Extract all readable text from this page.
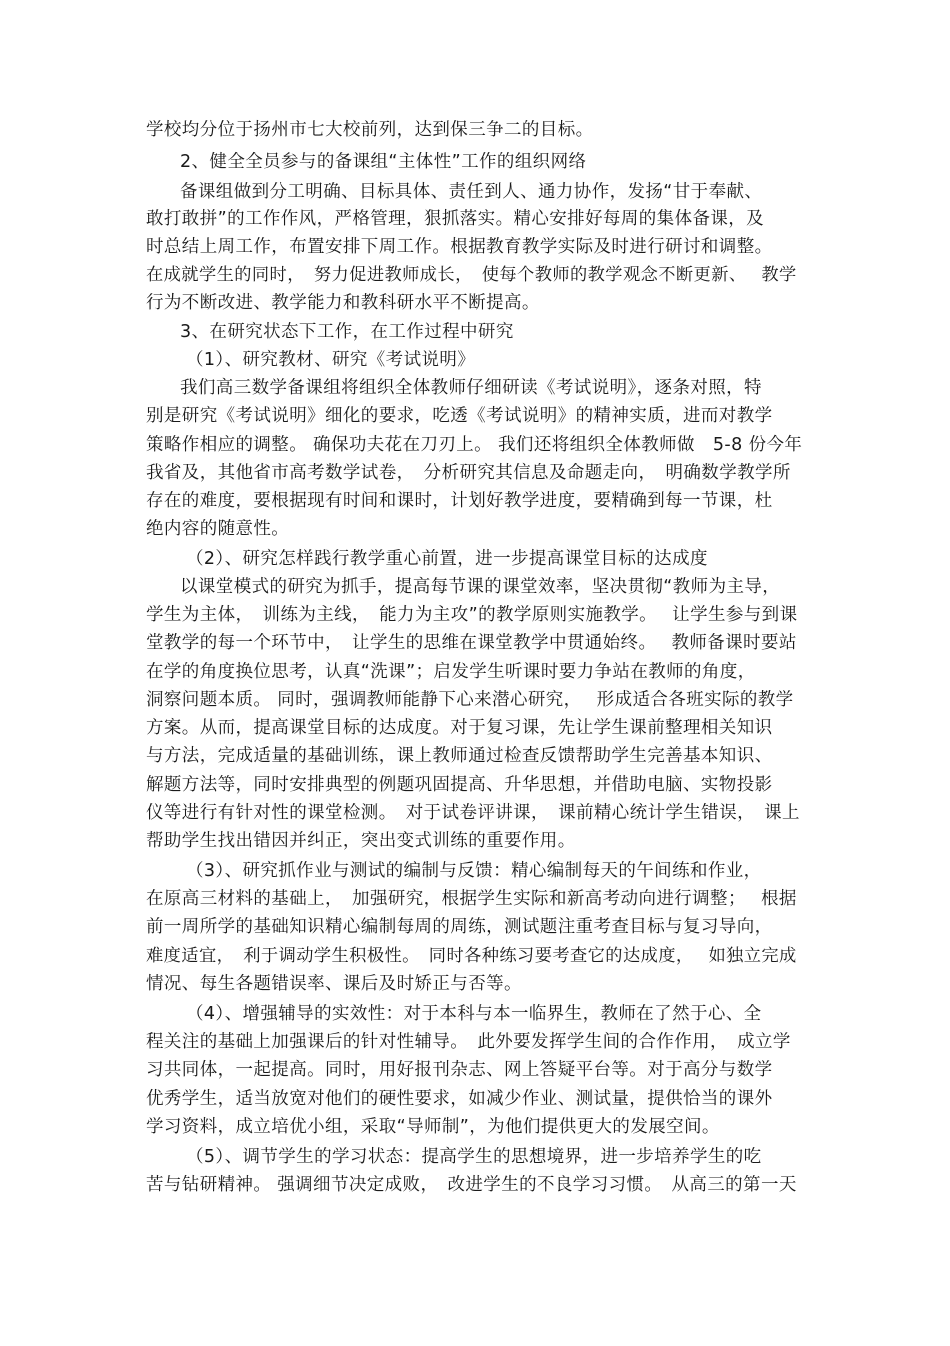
学校均分位于扬州市七大校前列，达到保三争二的目标。
2、健全全员参与的备课组“主体性”工作的组织网络
备课组做到分工明确、目标具体、责任到人、通力协作，发扬“甘于奉献、
敢打敢拼”的工作作风，严格管理，狠抓落实。精心安排好每周的集体备课，及
时总结上周工作，布置安排下周工作。根据教育教学实际及时进行研讨和调整。
在成就学生的同时，　努力促进教师成长，　使每个教师的教学观念不断更新、　 教学
行为不断改进、教学能力和教科研水平不断提高。
3、在研究状态下工作，在工作过程中研究
（1）、研究教材、研究《考试说明》
我们高三数学备课组将组织全体教师仔细研读《考试说明》，逐条对照，特
别是研究《考试说明》细化的要求，吃透《考试说明》的精神实质，进而对教学
策略作相应的调整。 确保功夫花在刀刃上。 我们还将组织全体教师做　5-8 份今年
我省及，其他省市高考数学试卷，　分析研究其信息及命题走向，　明确数学教学所
存在的难度，要根据现有时间和课时，计划好教学进度，要精确到每一节课，杜
绝内容的随意性。
（2）、研究怎样践行教学重心前置，进一步提高课堂目标的达成度
以课堂模式的研究为抓手，提高每节课的课堂效率，坚决贯彻“教师为主导，
学生为主体，　训练为主线，　能力为主攻”的教学原则实施教学。　 让学生参与到课
堂教学的每一个环节中，　让学生的思维在课堂教学中贯通始终。　 教师备课时要站
在学的角度换位思考，认真“洗课”；启发学生听课时要力争站在教师的角度，
洞察问题本质。 同时，强调教师能静下心来潜心研究，　 形成适合各班实际的教学
方案。从而，提高课堂目标的达成度。对于复习课，先让学生课前整理相关知识
与方法，完成适量的基础训练，课上教师通过检查反馈帮助学生完善基本知识、
解题方法等，同时安排典型的例题巩固提高、升华思想，并借助电脑、实物投影
仪等进行有针对性的课堂检测。　对于试卷评讲课，　课前精心统计学生错误，　课上
帮助学生找出错因并纠正，突出变式训练的重要作用。
（3）、研究抓作业与测试的编制与反馈：精心编制每天的午间练和作业，
在原高三材料的基础上，　加强研究，根据学生实际和新高考动向进行调整；　 根据
前一周所学的基础知识精心编制每周的周练，测试题注重考查目标与复习导向，
难度适宜，　利于调动学生积极性。　同时各种练习要考查它的达成度，　 如独立完成
情况、每生各题错误率、课后及时矫正与否等。
（4）、增强辅导的实效性：对于本科与本一临界生，教师在了然于心、全
程关注的基础上加强课后的针对性辅导。　此外要发挥学生间的合作作用，　成立学
习共同体，一起提高。同时，用好报刊杂志、网上答疑平台等。对于高分与数学
优秀学生，适当放宽对他们的硬性要求，如减少作业、测试量，提供恰当的课外
学习资料，成立培优小组，采取“导师制”，为他们提供更大的发展空间。
（5）、调节学生的学习状态：提高学生的思想境界，进一步培养学生的吃
苦与钻研精神。 强调细节决定成败，　改进学生的不良学习习惯。　从高三的第一天
